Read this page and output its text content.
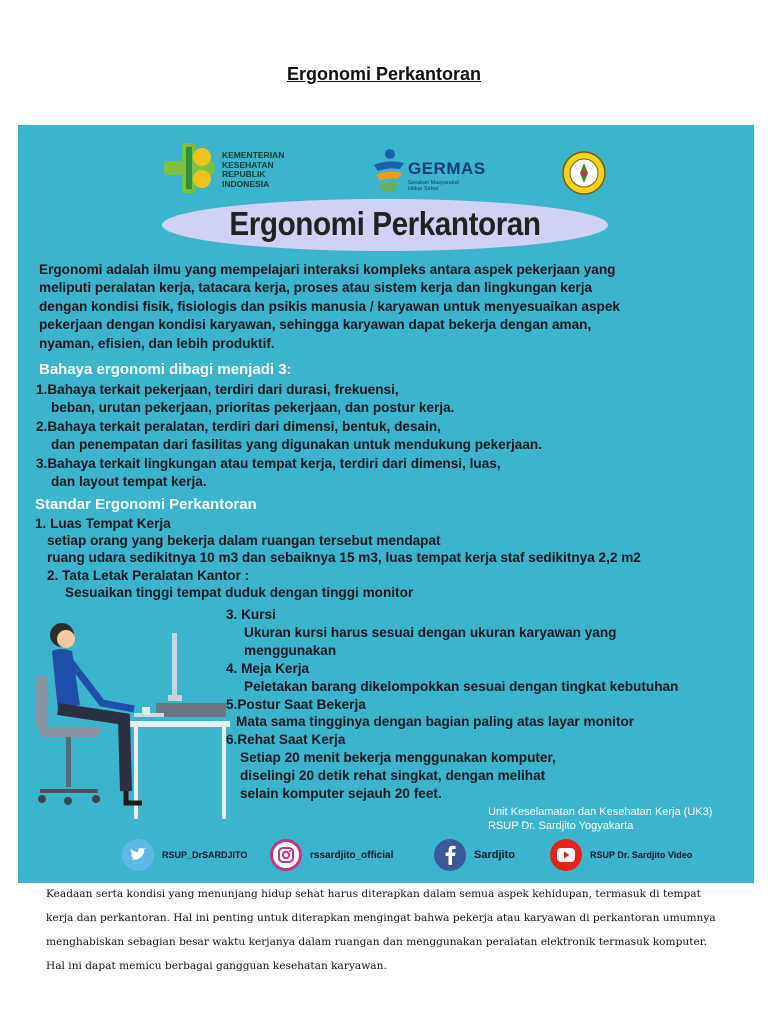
Ergonomi Perkantoran
KEMENTERIAN
KESEHATAN
REPUBLIK
INDONESIA
GERMAS
Gerakan Masyarakat Hidup Sehat
Ergonomi Perkantoran
Ergonomi adalah ilmu yang mempelajari interaksi kompleks antara aspek pekerjaan yang
meliputi peralatan kerja, tatacara kerja, proses atau sistem kerja dan lingkungan kerja
dengan kondisi fisik, fisiologis dan psikis manusia / karyawan untuk menyesuaikan aspek
pekerjaan dengan kondisi karyawan, sehingga karyawan dapat bekerja dengan aman,
nyaman, efisien, dan lebih produktif.
Bahaya ergonomi dibagi menjadi 3:
1.Bahaya terkait pekerjaan, terdiri dari durasi, frekuensi,
beban, urutan pekerjaan, prioritas pekerjaan, dan postur kerja.
2.Bahaya terkait peralatan, terdiri dari dimensi, bentuk, desain,
dan penempatan dari fasilitas yang digunakan untuk mendukung pekerjaan.
3.Bahaya terkait lingkungan atau tempat kerja, terdiri dari dimensi, luas,
dan layout tempat kerja.
Standar Ergonomi Perkantoran
1. Luas Tempat Kerja
setiap orang yang bekerja dalam ruangan tersebut mendapat
ruang udara sedikitnya 10 m3 dan sebaiknya 15 m3, luas tempat kerja staf sedikitnya 2,2 m2
2. Tata Letak Peralatan Kantor :
Sesuaikan tinggi tempat duduk dengan tinggi monitor
3. Kursi
Ukuran kursi harus sesuai dengan ukuran karyawan yang
menggunakan
4. Meja Kerja
Peletakan barang dikelompokkan sesuai dengan tingkat kebutuhan
5.Postur Saat Bekerja
Mata sama tingginya dengan bagian paling atas layar monitor
6.Rehat Saat Kerja
Setiap 20 menit bekerja menggunakan komputer,
diselingi 20 detik rehat singkat, dengan melihat
selain komputer sejauh 20 feet.
Unit Keselamatan dan Kesehatan Kerja (UK3)
RSUP Dr. Sardjito Yogyakarta
RSUP_DrSARDJITO	rssardjito_official	Sardjito	RSUP Dr. Sardjito Video

Keadaan serta kondisi yang menunjang hidup sehat harus diterapkan dalam semua aspek kehidupan, termasuk di tempat kerja dan perkantoran. Hal ini penting untuk diterapkan mengingat bahwa pekerja atau karyawan di perkantoran umumnya menghabiskan sebagian besar waktu kerjanya dalam ruangan dan menggunakan peralatan elektronik termasuk komputer. Hal ini dapat memicu berbagai gangguan kesehatan karyawan.
